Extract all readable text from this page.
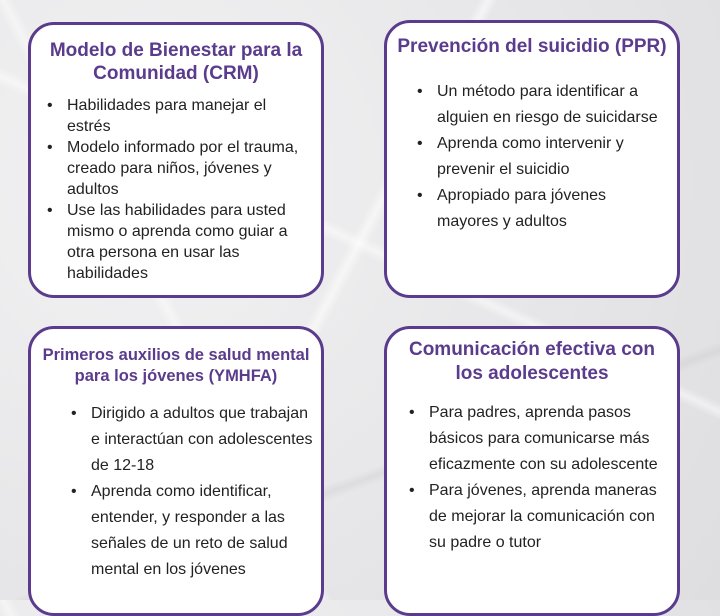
Modelo de Bienestar para la Comunidad (CRM)
• Habilidades para manejar el estrés
• Modelo informado por el trauma, creado para niños, jóvenes y adultos
• Use las habilidades para usted mismo o aprenda como guiar a otra persona en usar las habilidades
Prevención del suicidio (PPR)
• Un método para identificar a alguien en riesgo de suicidarse
• Aprenda como intervenir y prevenir el suicidio
• Apropiado para jóvenes mayores y adultos
Primeros auxilios de salud mental para los jóvenes (YMHFA)
• Dirigido a adultos que trabajan e interactúan con adolescentes de 12-18
• Aprenda como identificar, entender, y responder a las señales de un reto de salud mental en los jóvenes
Comunicación efectiva con los adolescentes
• Para padres, aprenda pasos básicos para comunicarse más eficazmente con su adolescente
• Para jóvenes, aprenda maneras de mejorar la comunicación con su padre o tutor
